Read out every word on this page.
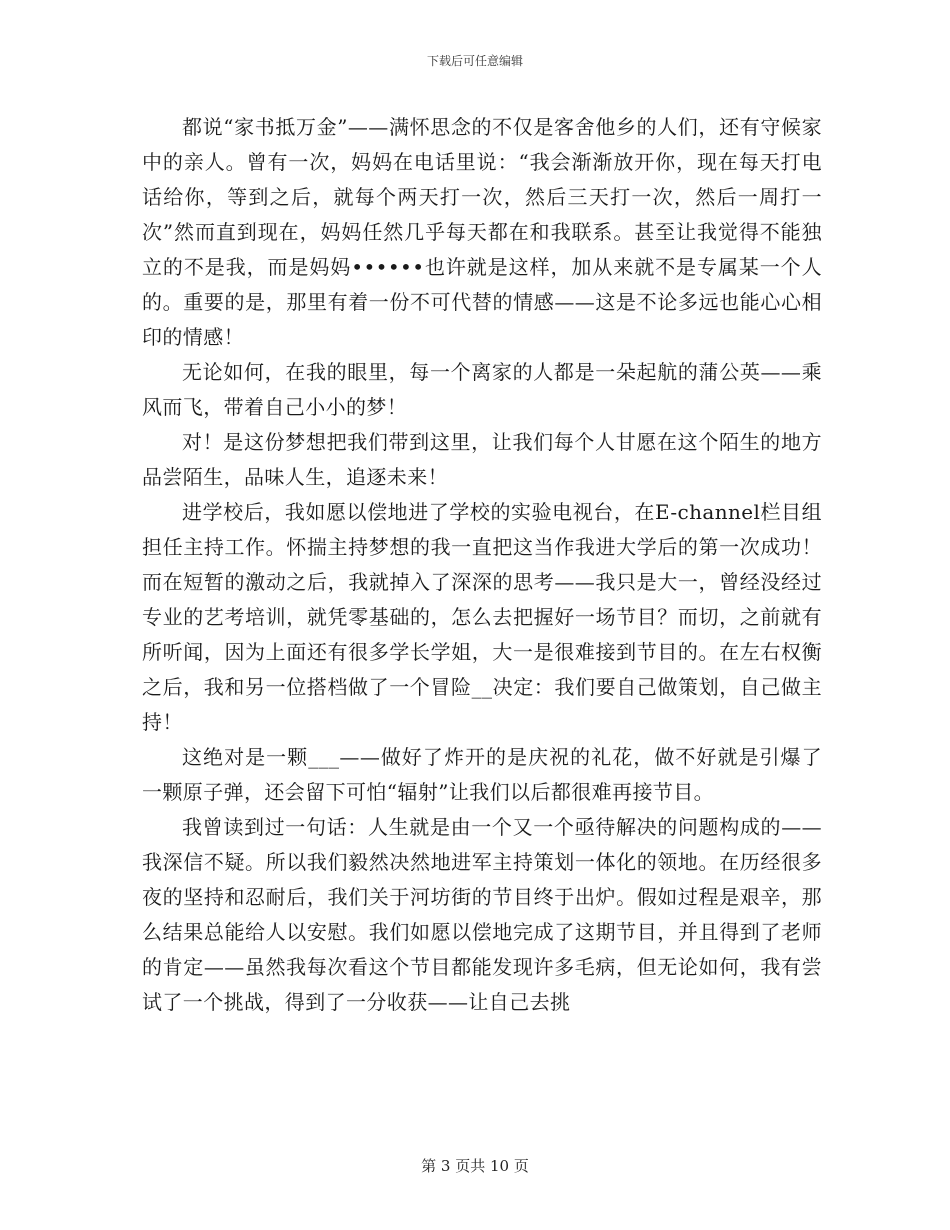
下载后可任意编辑

都说“家书抵万金”——满怀思念的不仅是客舍他乡的人们，还有守候家中的亲人。曾有一次，妈妈在电话里说：“我会渐渐放开你，现在每天打电话给你，等到之后，就每个两天打一次，然后三天打一次，然后一周打一次”然而直到现在，妈妈任然几乎每天都在和我联系。甚至让我觉得不能独立的不是我，而是妈妈••••••也许就是这样，加从来就不是专属某一个人的。重要的是，那里有着一份不可代替的情感——这是不论多远也能心心相印的情感！

无论如何，在我的眼里，每一个离家的人都是一朵起航的蒲公英——乘风而飞，带着自己小小的梦！

对！是这份梦想把我们带到这里，让我们每个人甘愿在这个陌生的地方品尝陌生，品味人生，追逐未来！

进学校后，我如愿以偿地进了学校的实验电视台，在E-channel栏目组担任主持工作。怀揣主持梦想的我一直把这当作我进大学后的第一次成功！而在短暂的激动之后，我就掉入了深深的思考——我只是大一，曾经没经过专业的艺考培训，就凭零基础的，怎么去把握好一场节目？而切，之前就有所听闻，因为上面还有很多学长学姐，大一是很难接到节目的。在左右权衡之后，我和另一位搭档做了一个冒险__决定：我们要自己做策划，自己做主持！

这绝对是一颗___——做好了炸开的是庆祝的礼花，做不好就是引爆了一颗原子弹，还会留下可怕“辐射”让我们以后都很难再接节目。

我曾读到过一句话：人生就是由一个又一个亟待解决的问题构成的——我深信不疑。所以我们毅然决然地进军主持策划一体化的领地。在历经很多夜的坚持和忍耐后，我们关于河坊街的节目终于出炉。假如过程是艰辛，那么结果总能给人以安慰。我们如愿以偿地完成了这期节目，并且得到了老师的肯定——虽然我每次看这个节目都能发现许多毛病，但无论如何，我有尝试了一个挑战，得到了一分收获——让自己去挑

第 3 页共 10 页
